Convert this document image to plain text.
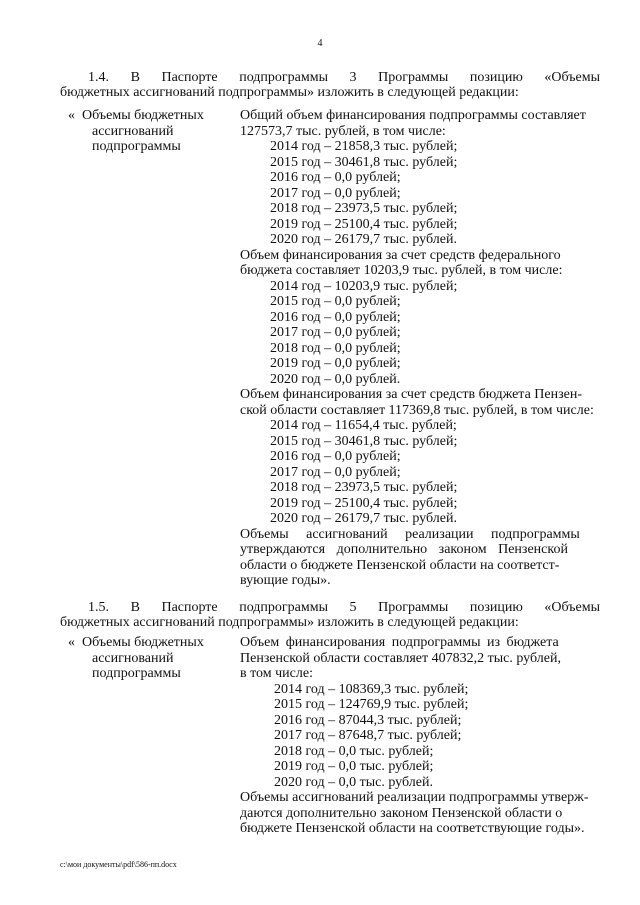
4
1.4. В Паспорте подпрограммы 3 Программы позицию «Объемы
бюджетных ассигнований подпрограммы» изложить в следующей редакции:
« Объемы бюджетных
ассигнований
подпрограммы
Общий объем финансирования подпрограммы составляет
127573,7 тыс. рублей, в том числе:
2014 год – 21858,3 тыс. рублей;
2015 год – 30461,8 тыс. рублей;
2016 год – 0,0 рублей;
2017 год – 0,0 рублей;
2018 год – 23973,5 тыс. рублей;
2019 год – 25100,4 тыс. рублей;
2020 год – 26179,7 тыс. рублей.
Объем финансирования за счет средств федерального
бюджета составляет 10203,9 тыс. рублей, в том числе:
2014 год – 10203,9 тыс. рублей;
2015 год – 0,0 рублей;
2016 год – 0,0 рублей;
2017 год – 0,0 рублей;
2018 год – 0,0 рублей;
2019 год – 0,0 рублей;
2020 год – 0,0 рублей.
Объем финансирования за счет средств бюджета Пензен-
ской области составляет 117369,8 тыс. рублей, в том числе:
2014 год – 11654,4 тыс. рублей;
2015 год – 30461,8 тыс. рублей;
2016 год – 0,0 рублей;
2017 год – 0,0 рублей;
2018 год – 23973,5 тыс. рублей;
2019 год – 25100,4 тыс. рублей;
2020 год – 26179,7 тыс. рублей.
Объемы ассигнований реализации подпрограммы
утверждаются дополнительно законом Пензенской
области о бюджете Пензенской области на соответст-
вующие годы».
1.5. В Паспорте подпрограммы 5 Программы позицию «Объемы
бюджетных ассигнований подпрограммы» изложить в следующей редакции:
« Объемы бюджетных
ассигнований
подпрограммы
Объем финансирования подпрограммы из бюджета
Пензенской области составляет 407832,2 тыс. рублей,
в том числе:
2014 год – 108369,3 тыс. рублей;
2015 год – 124769,9 тыс. рублей;
2016 год – 87044,3 тыс. рублей;
2017 год – 87648,7 тыс. рублей;
2018 год – 0,0 тыс. рублей;
2019 год – 0,0 тыс. рублей;
2020 год – 0,0 тыс. рублей.
Объемы ассигнований реализации подпрограммы утверж-
даются дополнительно законом Пензенской области о
бюджете Пензенской области на соответствующие годы».
c:\мои документы\pdf\586-пп.docx
